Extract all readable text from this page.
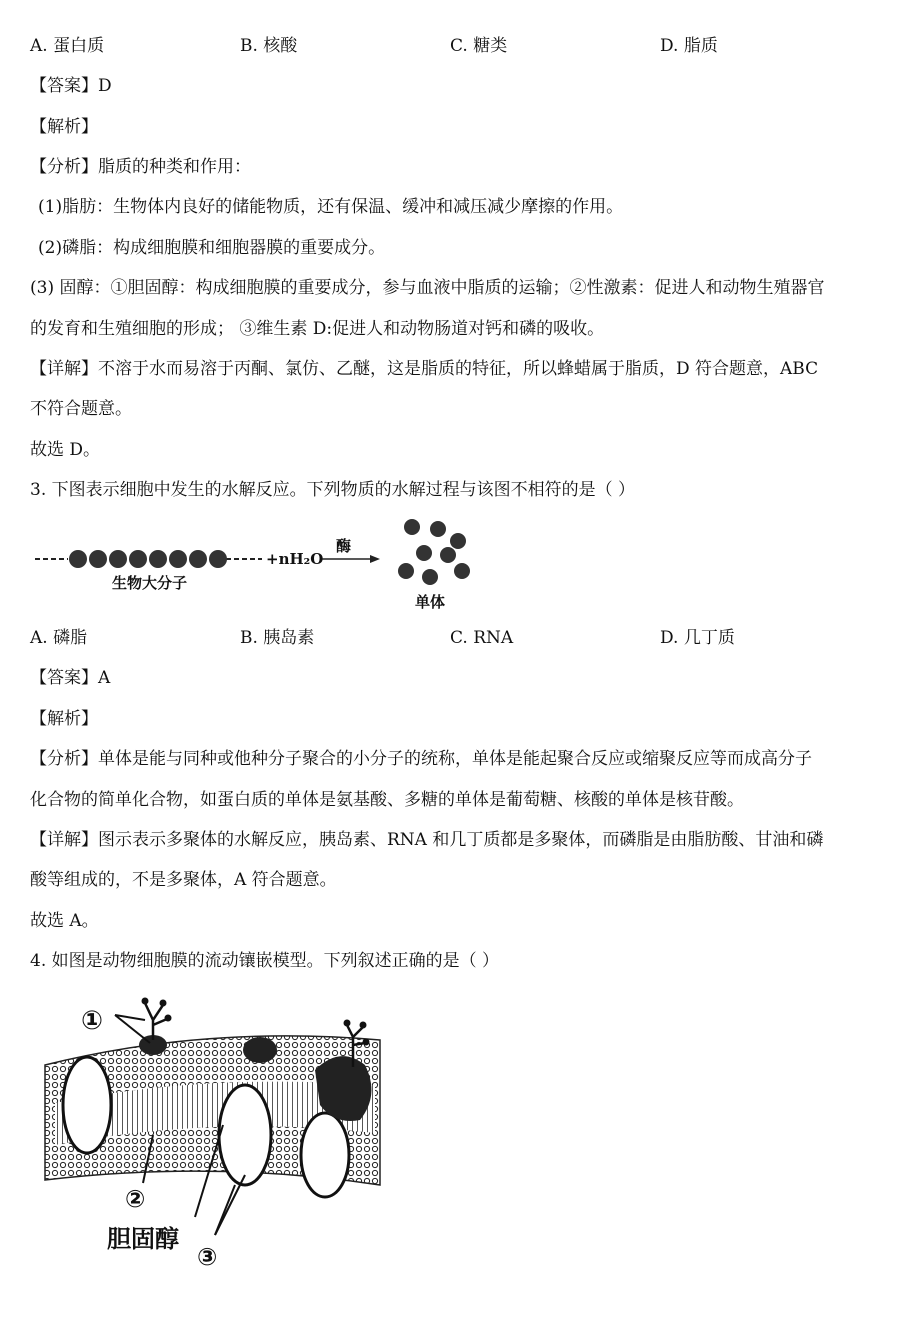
A. 蛋白质	B. 核酸	C. 糖类	D. 脂质
【答案】D
【解析】
【分析】脂质的种类和作用：
(1)脂肪：生物体内良好的储能物质，还有保温、缓冲和减压减少摩擦的作用。
(2)磷脂：构成细胞膜和细胞器膜的重要成分。
(3) 固醇：①胆固醇：构成细胞膜的重要成分，参与血液中脂质的运输；②性激素：促进人和动物生殖器官
的发育和生殖细胞的形成； ③维生素 D:促进人和动物肠道对钙和磷的吸收。
【详解】不溶于水而易溶于丙酮、氯仿、乙醚，这是脂质的特征，所以蜂蜡属于脂质，D 符合题意，ABC
不符合题意。
故选 D。
3. 下图表示细胞中发生的水解反应。下列物质的水解过程与该图不相符的是（ ）
生物大分子
+nH₂O
酶
单体
A. 磷脂	B. 胰岛素	C. RNA	D. 几丁质
【答案】A
【解析】
【分析】单体是能与同种或他种分子聚合的小分子的统称，单体是能起聚合反应或缩聚反应等而成高分子
化合物的简单化合物，如蛋白质的单体是氨基酸、多糖的单体是葡萄糖、核酸的单体是核苷酸。
【详解】图示表示多聚体的水解反应，胰岛素、RNA 和几丁质都是多聚体，而磷脂是由脂肪酸、甘油和磷
酸等组成的，不是多聚体，A 符合题意。
故选 A。
4. 如图是动物细胞膜的流动镶嵌模型。下列叙述正确的是（ ）
①
②
胆固醇
③
